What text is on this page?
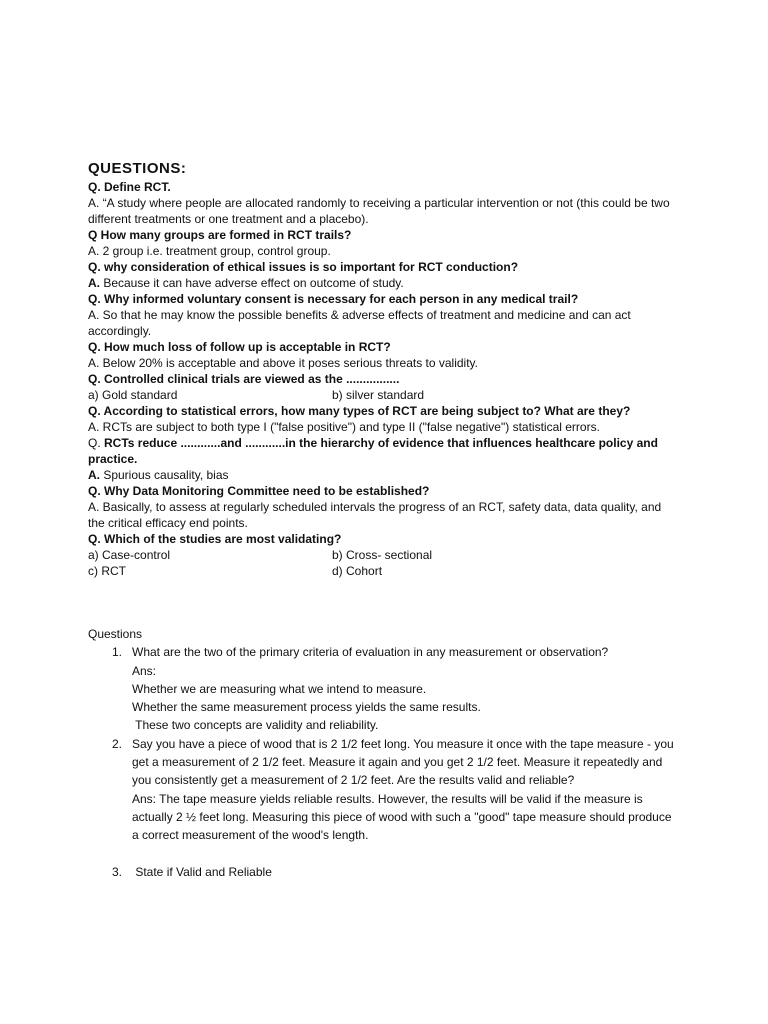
QUESTIONS:
Q. Define RCT.
A. “A study where people are allocated randomly to receiving a particular intervention or not (this could be two different treatments or one treatment and a placebo).
Q How many groups are formed in RCT trails?
A. 2 group i.e. treatment group, control group.
Q. why consideration of ethical issues is so important for RCT conduction?
A. Because it can have adverse effect on outcome of study.
Q. Why informed voluntary consent is necessary for each person in any medical trail?
A. So that he may know the possible benefits & adverse effects of treatment and medicine and can act accordingly.
Q. How much loss of follow up is acceptable in RCT?
A. Below 20% is acceptable and above it poses serious threats to validity.
Q. Controlled clinical trials are viewed as the ................
a) Gold standard	b) silver standard
Q. According to statistical errors, how many types of RCT are being subject to? What are they?
A. RCTs are subject to both type I ("false positive") and type II ("false negative") statistical errors.
Q. RCTs reduce ............and ............in the hierarchy of evidence that influences healthcare policy and practice.
A. Spurious causality, bias
Q. Why Data Monitoring Committee need to be established?
A. Basically, to assess at regularly scheduled intervals the progress of an RCT, safety data, data quality, and the critical efficacy end points.
Q. Which of the studies are most validating?
a) Case-control	b) Cross- sectional
c) RCT	d) Cohort
Questions
1. What are the two of the primary criteria of evaluation in any measurement or observation?
Ans:
Whether we are measuring what we intend to measure.
Whether the same measurement process yields the same results.
These two concepts are validity and reliability.
2. Say you have a piece of wood that is 2 1/2 feet long. You measure it once with the tape measure - you get a measurement of 2 1/2 feet. Measure it again and you get 2 1/2 feet. Measure it repeatedly and you consistently get a measurement of 2 1/2 feet. Are the results valid and reliable?
Ans: The tape measure yields reliable results. However, the results will be valid if the measure is actually 2 ½ feet long. Measuring this piece of wood with such a "good" tape measure should produce a correct measurement of the wood's length.
3. State if Valid and Reliable
